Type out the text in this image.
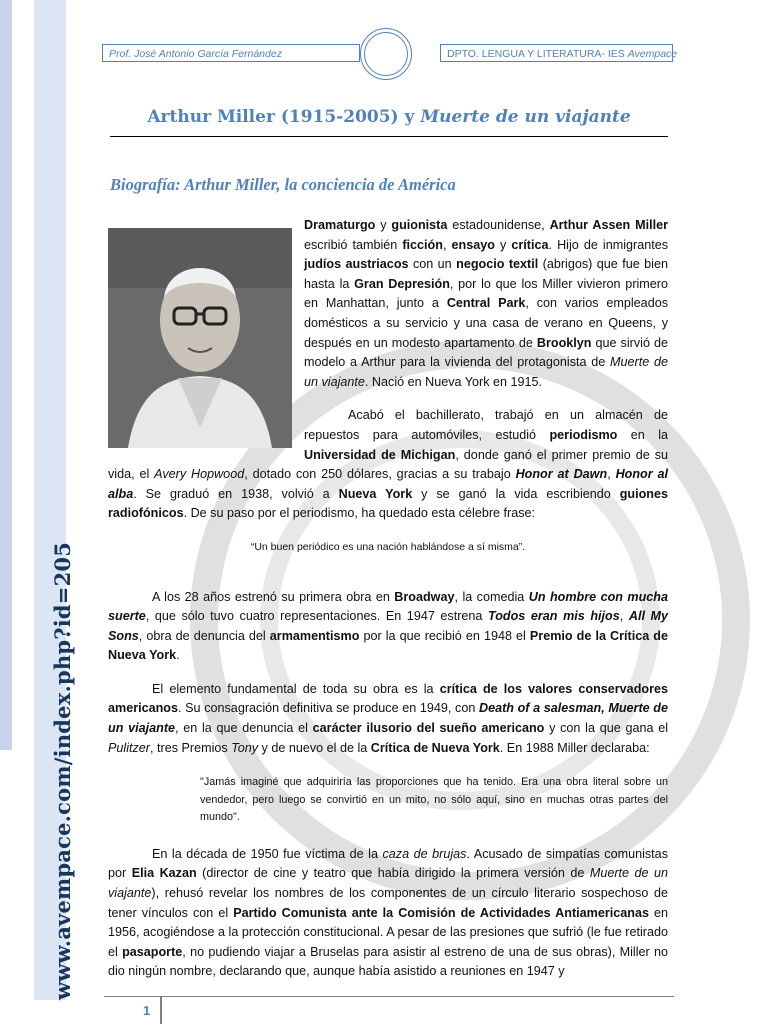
www.avempace.com/index.php?id=205
Prof. José Antonio García Fernández	DPTO. LENGUA Y LITERATURA- IES Avempace
Arthur Miller (1915-2005) y Muerte de un viajante
Biografía: Arthur Miller, la conciencia de América

Dramaturgo y guionista estadounidense, Arthur Assen Miller escribió también ficción, ensayo y crítica. Hijo de inmigrantes judíos austriacos con un negocio textil (abrigos) que fue bien hasta la Gran Depresión, por lo que los Miller vivieron primero en Manhattan, junto a Central Park, con varios empleados domésticos a su servicio y una casa de verano en Queens, y después en un modesto apartamento de Brooklyn que sirvió de modelo a Arthur para la vivienda del protagonista de Muerte de un viajante. Nació en Nueva York en 1915.

Acabó el bachillerato, trabajó en un almacén de repuestos para automóviles, estudió periodismo en la Universidad de Michigan, donde ganó el primer premio de su vida, el Avery Hopwood, dotado con 250 dólares, gracias a su trabajo Honor at Dawn, Honor al alba. Se graduó en 1938, volvió a Nueva York y se ganó la vida escribiendo guiones radiofónicos. De su paso por el periodismo, ha quedado esta célebre frase:

“Un buen periódico es una nación hablándose a sí misma”.

A los 28 años estrenó su primera obra en Broadway, la comedia Un hombre con mucha suerte, que sólo tuvo cuatro representaciones. En 1947 estrena Todos eran mis hijos, All My Sons, obra de denuncia del armamentismo por la que recibió en 1948 el Premio de la Crítica de Nueva York.

El elemento fundamental de toda su obra es la crítica de los valores conservadores americanos. Su consagración definitiva se produce en 1949, con Death of a salesman, Muerte de un viajante, en la que denuncia el carácter ilusorio del sueño americano y con la que gana el Pulitzer, tres Premios Tony y de nuevo el de la Crítica de Nueva York. En 1988 Miller declaraba:

"Jamás imaginé que adquiriría las proporciones que ha tenido. Era una obra literal sobre un vendedor, pero luego se convirtió en un mito, no sólo aquí, sino en muchas otras partes del mundo".

En la década de 1950 fue víctima de la caza de brujas. Acusado de simpatías comunistas por Elia Kazan (director de cine y teatro que había dirigido la primera versión de Muerte de un viajante), rehusó revelar los nombres de los componentes de un círculo literario sospechoso de tener vínculos con el Partido Comunista ante la Comisión de Actividades Antiamericanas en 1956, acogiéndose a la protección constitucional. A pesar de las presiones que sufrió (le fue retirado el pasaporte, no pudiendo viajar a Bruselas para asistir al estreno de una de sus obras), Miller no dio ningún nombre, declarando que, aunque había asistido a reuniones en 1947 y

1
